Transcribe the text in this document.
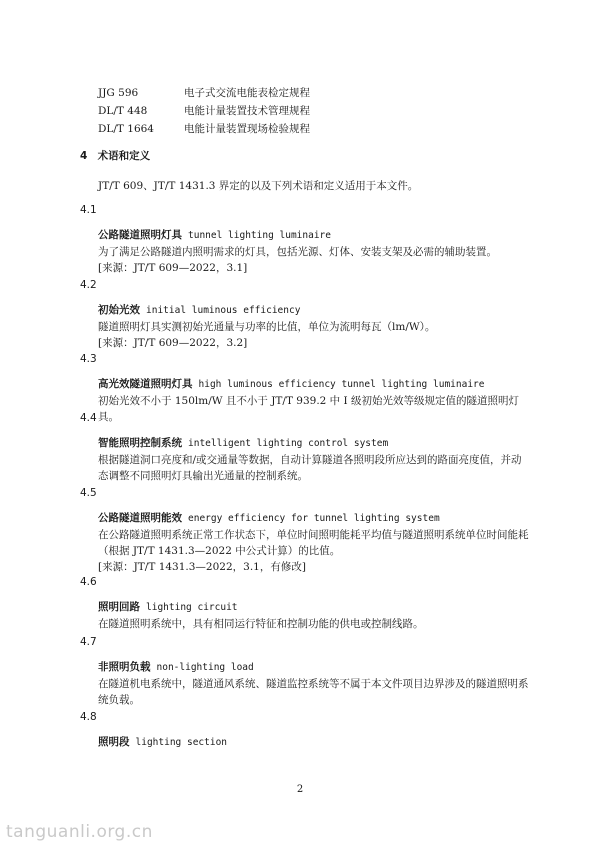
JJG 596	电子式交流电能表检定规程
DL/T 448	电能计量装置技术管理规程
DL/T 1664	电能计量装置现场检验规程
4 术语和定义
JT/T 609、JT/T 1431.3 界定的以及下列术语和定义适用于本文件。
4.1
公路隧道照明灯具 tunnel lighting luminaire
为了满足公路隧道内照明需求的灯具，包括光源、灯体、安装支架及必需的辅助装置。
[来源：JT/T 609—2022，3.1]
4.2
初始光效 initial luminous efficiency
隧道照明灯具实测初始光通量与功率的比值，单位为流明每瓦（lm/W）。
[来源：JT/T 609—2022，3.2]
4.3
高光效隧道照明灯具 high luminous efficiency tunnel lighting luminaire
初始光效不小于 150lm/W 且不小于 JT/T 939.2 中 I 级初始光效等级规定值的隧道照明灯具。
4.4
智能照明控制系统 intelligent lighting control system
根据隧道洞口亮度和/或交通量等数据，自动计算隧道各照明段所应达到的路面亮度值，并动态调整不同照明灯具输出光通量的控制系统。
4.5
公路隧道照明能效 energy efficiency for tunnel lighting system
在公路隧道照明系统正常工作状态下，单位时间照明能耗平均值与隧道照明系统单位时间能耗（根据 JT/T 1431.3—2022 中公式计算）的比值。
[来源：JT/T 1431.3—2022，3.1，有修改]
4.6
照明回路 lighting circuit
在隧道照明系统中，具有相同运行特征和控制功能的供电或控制线路。
4.7
非照明负载 non-lighting load
在隧道机电系统中，隧道通风系统、隧道监控系统等不属于本文件项目边界涉及的隧道照明系统负载。
4.8
照明段 lighting section
2
tanguanli.org.cn
